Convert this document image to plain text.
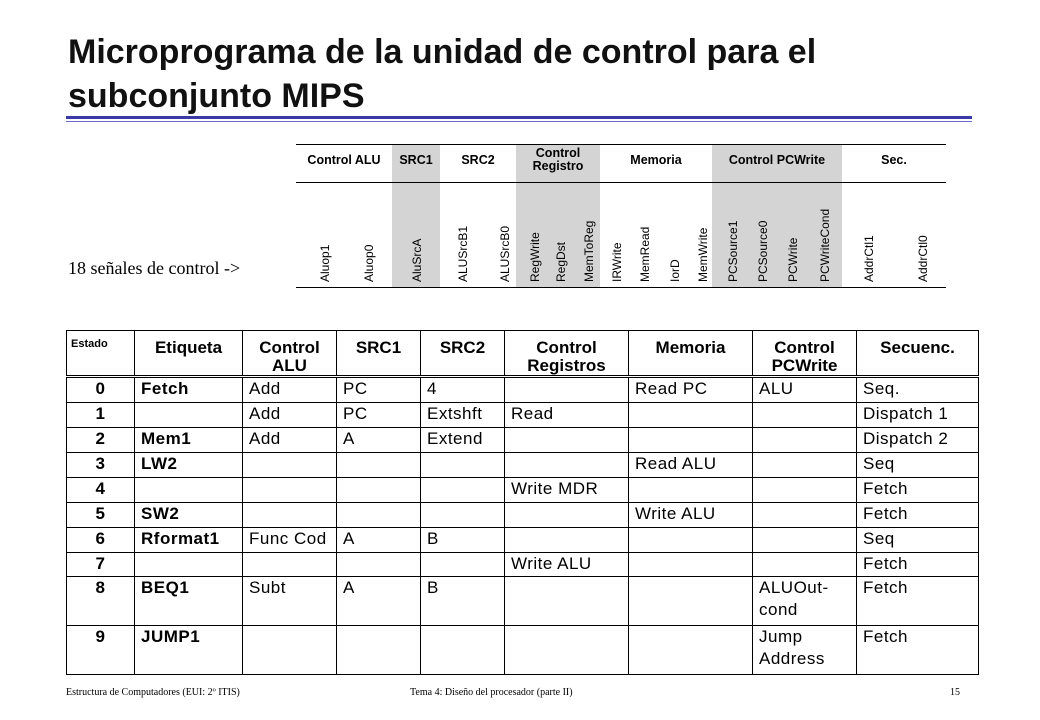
Microprograma de la unidad de control para el
subconjunto MIPS
18 señales de control ->
Control ALU	SRC1	SRC2	Control Registro	Memoria	Control PCWrite	Sec.
Aluop1	Aluop0	AluSrcA	ALUSrcB1 ALUSrcB0 RegWrite RegDst MemToReg IRWrite MemRead IorD MemWrite PCSource1 PCSource0 PCWrite PCWriteCond	AddrCtl1	AddrCtl0
Estado	Etiqueta	Control ALU	SRC1	SRC2	Control Registros	Memoria	Control PCWrite	Secuenc.
0	Fetch	Add	PC	4		Read PC	ALU	Seq.
1		Add	PC	Extshft	Read			Dispatch 1
2	Mem1	Add	A	Extend				Dispatch 2
3	LW2					Read ALU		Seq
4					Write MDR			Fetch
5	SW2					Write ALU		Fetch
6	Rformat1	Func Cod	A	B				Seq
7					Write ALU			Fetch
8	BEQ1	Subt	A	B			ALUOut-cond	Fetch
9	JUMP1						Jump Address	Fetch
Estructura de Computadores (EUI: 2º ITIS)	Tema 4: Diseño del procesador (parte II)	15
